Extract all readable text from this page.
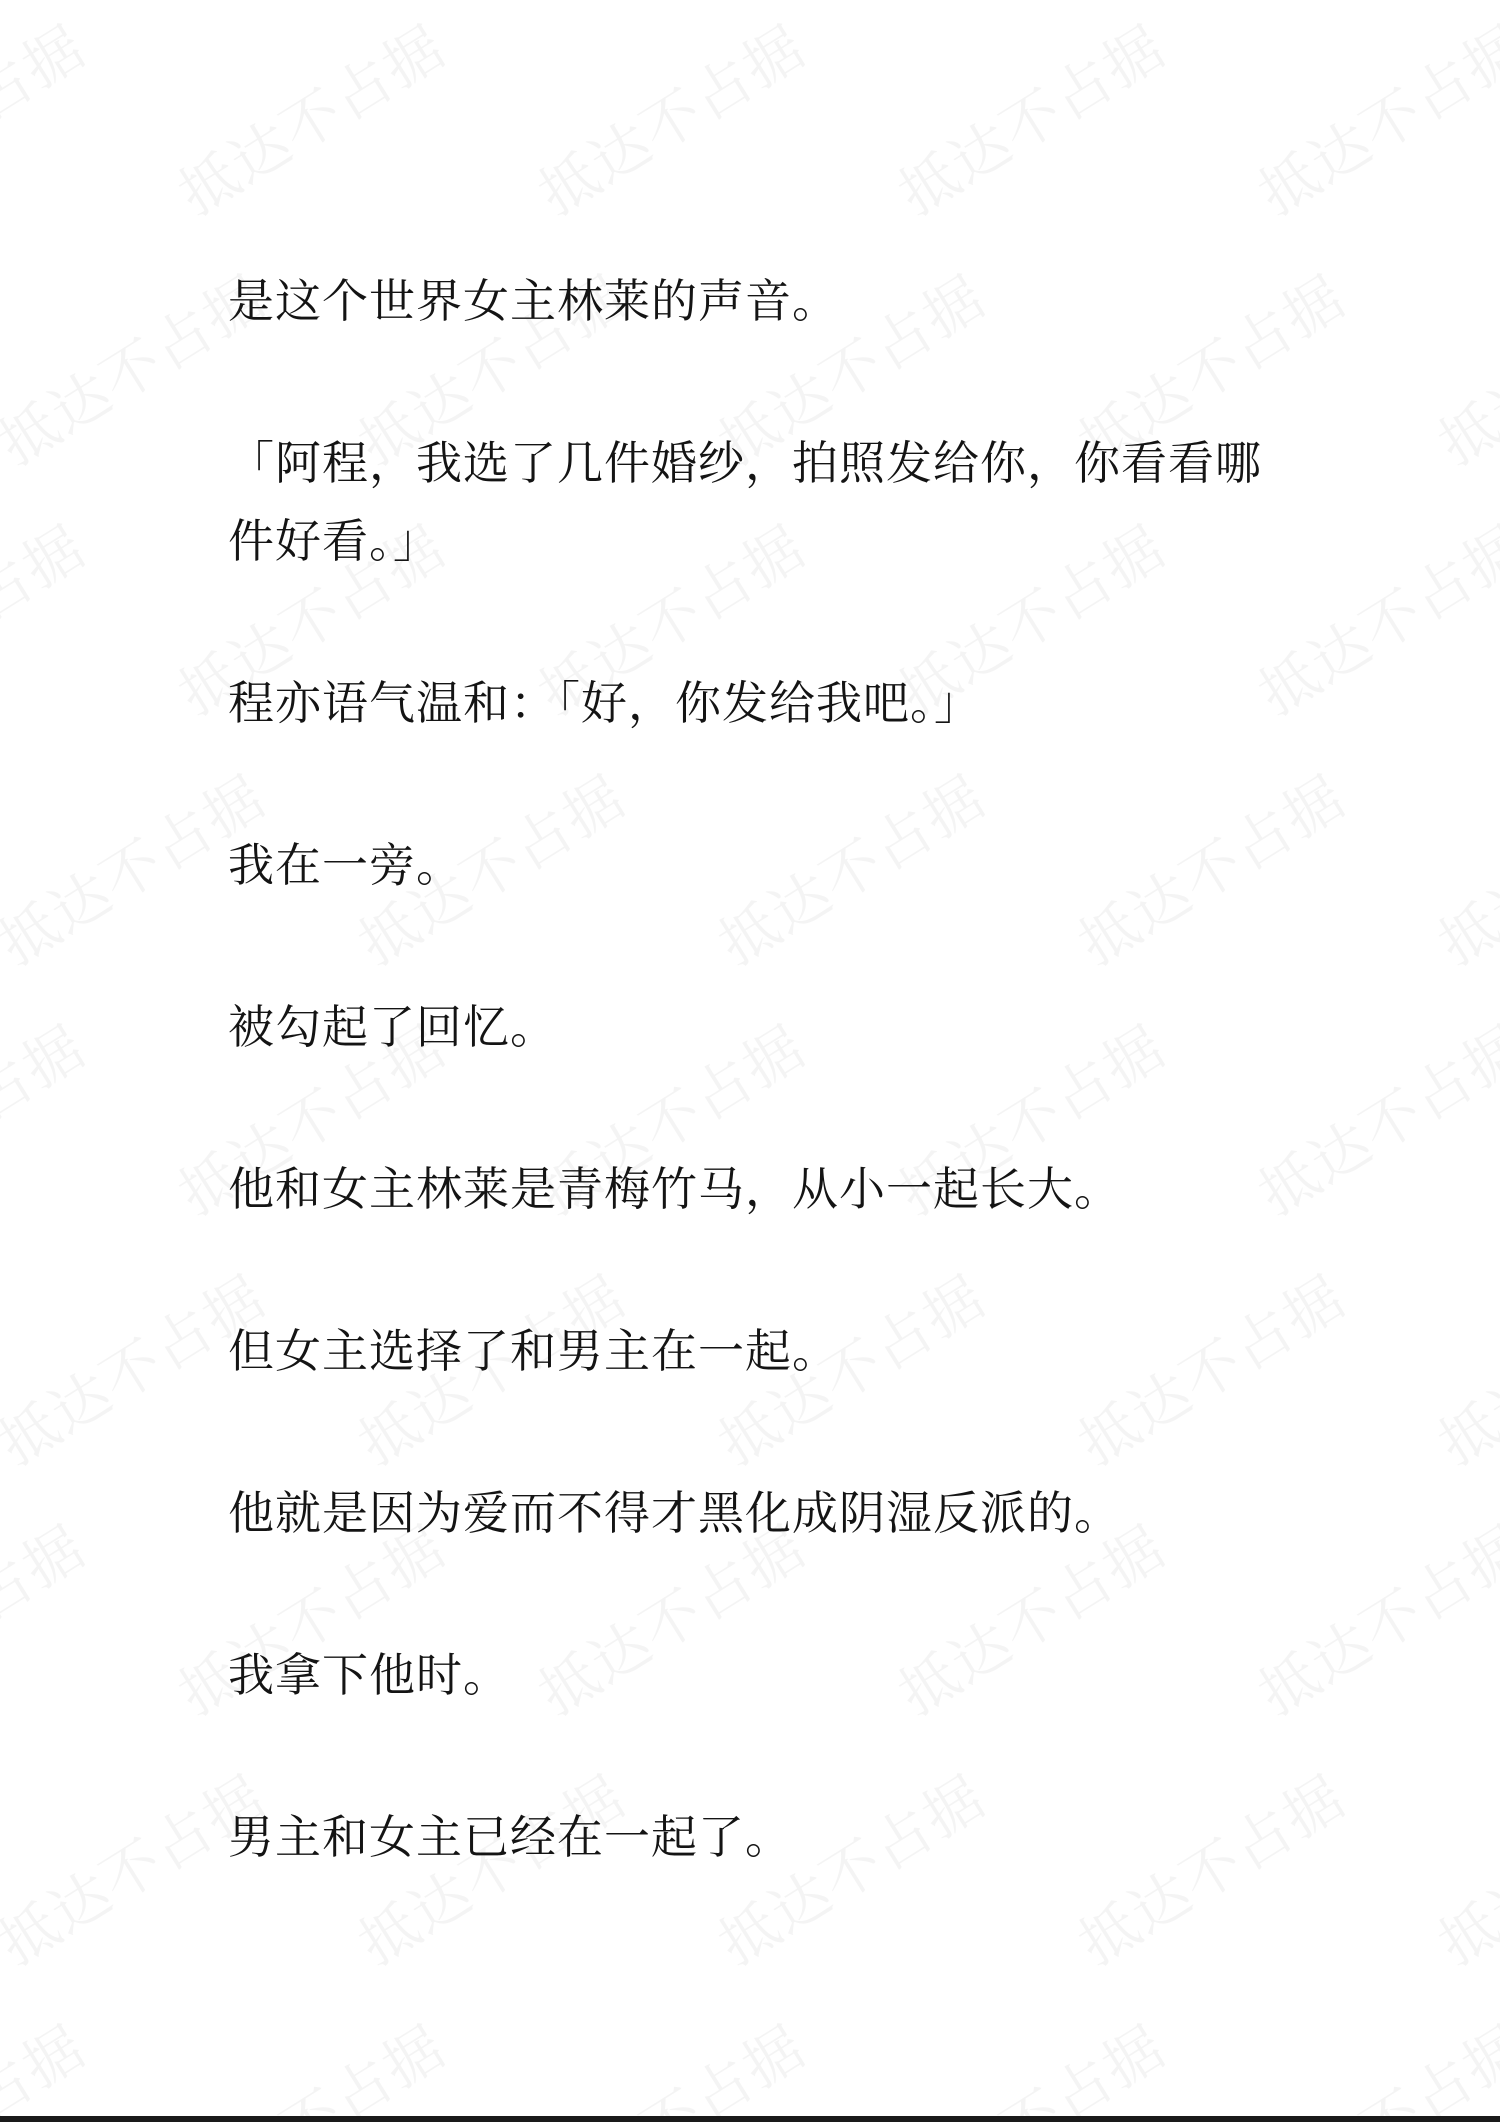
是这个世界女主林莱的声音。

「阿程，我选了几件婚纱，拍照发给你，你看看哪件好看。」

程亦语气温和：「好，你发给我吧。」

我在一旁。

被勾起了回忆。

他和女主林莱是青梅竹马，从小一起长大。

但女主选择了和男主在一起。

他就是因为爱而不得才黑化成阴湿反派的。

我拿下他时。

男主和女主已经在一起了。
